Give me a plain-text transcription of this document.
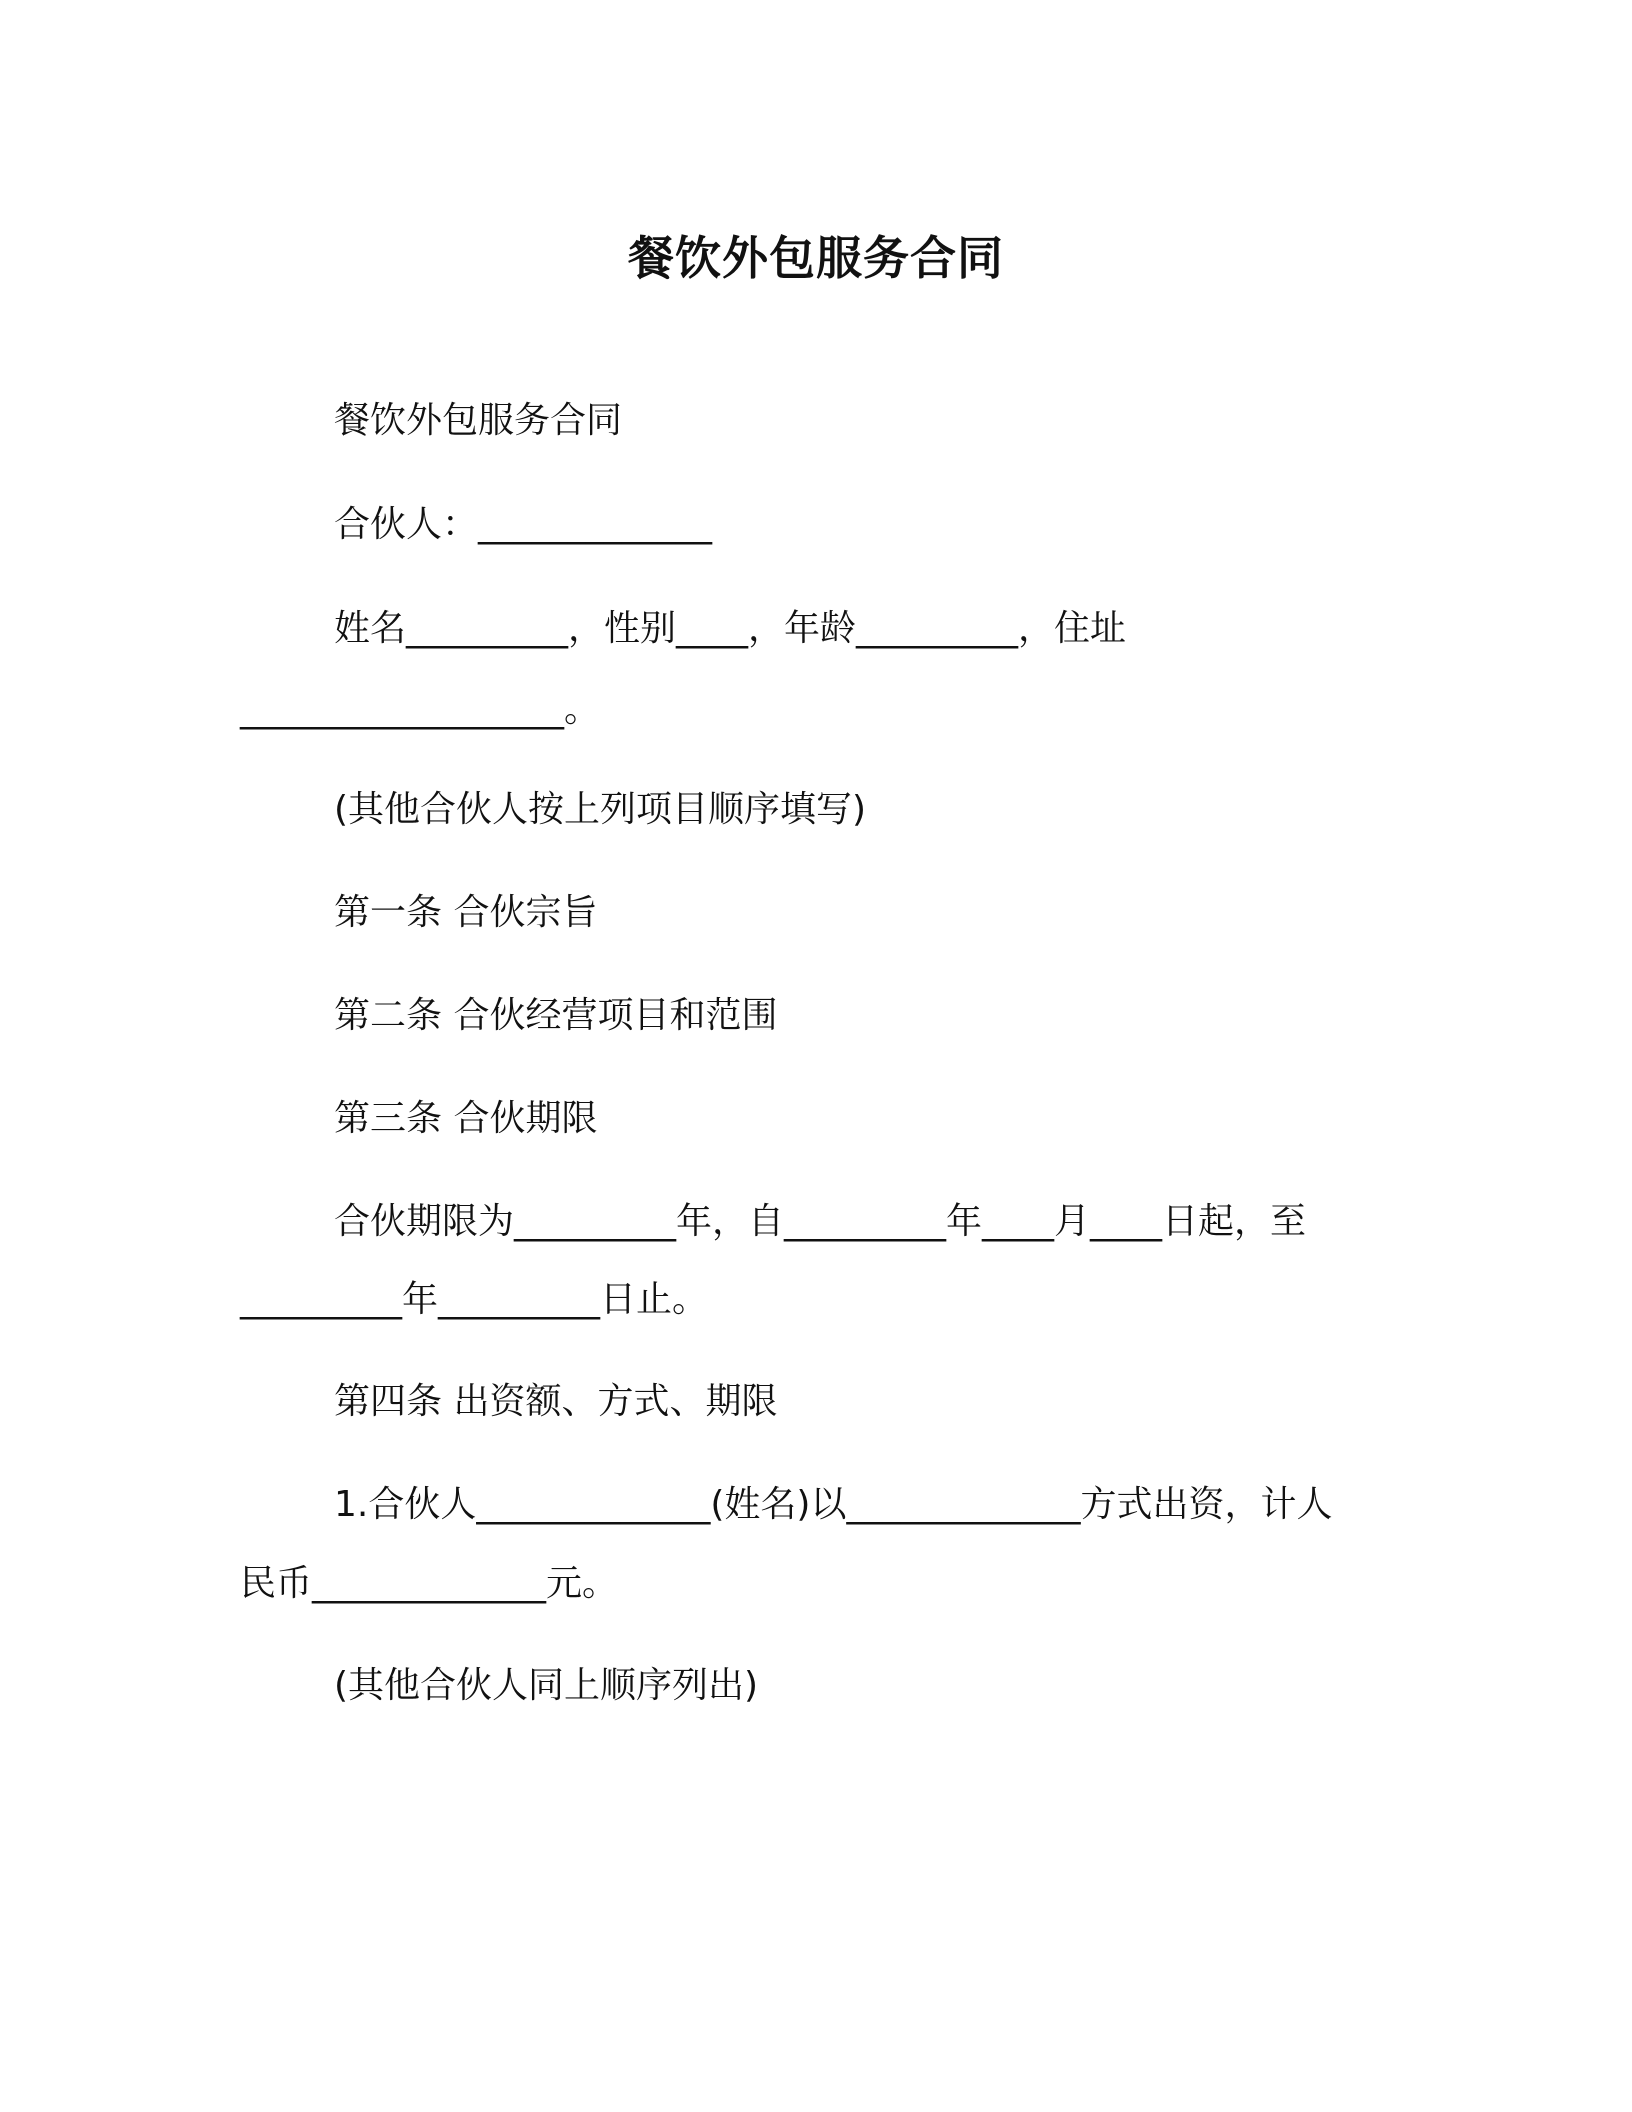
餐饮外包服务合同
餐饮外包服务合同
合伙人：_____________
姓名_________，性别____，年龄_________，住址
__________________。
(其他合伙人按上列项目顺序填写)
第一条 合伙宗旨
第二条 合伙经营项目和范围
第三条 合伙期限
合伙期限为_________年，自_________年____月____日起，至
_________年_________日止。
第四条 出资额、方式、期限
1.合伙人_____________(姓名)以_____________方式出资，计人
民币_____________元。
(其他合伙人同上顺序列出)
